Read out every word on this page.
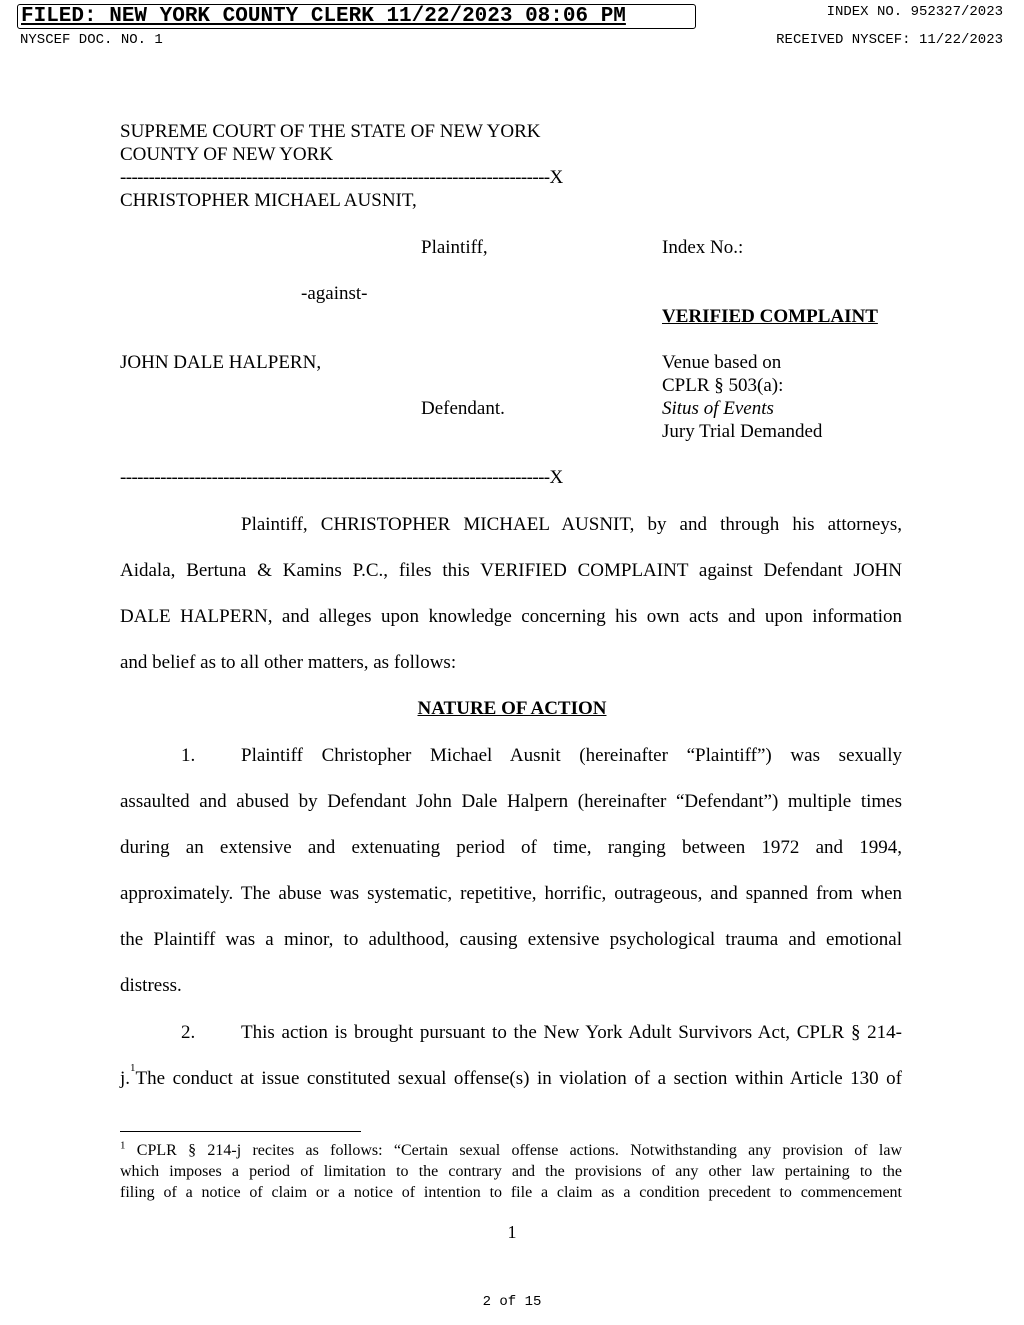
FILED: NEW YORK COUNTY CLERK 11/22/2023 08:06 PM	INDEX NO. 952327/2023
NYSCEF DOC. NO. 1	RECEIVED NYSCEF: 11/22/2023
SUPREME COURT OF THE STATE OF NEW YORK
COUNTY OF NEW YORK
---------------------------------------------------------------------------X
CHRISTOPHER MICHAEL AUSNIT,
Plaintiff,	Index No.:
-against-
VERIFIED COMPLAINT
JOHN DALE HALPERN,	Venue based on
CPLR § 503(a):
Defendant.	Situs of Events
Jury Trial Demanded
---------------------------------------------------------------------------X
Plaintiff, CHRISTOPHER MICHAEL AUSNIT, by and through his attorneys,
Aidala, Bertuna & Kamins P.C., files this VERIFIED COMPLAINT against Defendant JOHN
DALE HALPERN, and alleges upon knowledge concerning his own acts and upon information
and belief as to all other matters, as follows:
NATURE OF ACTION
1. Plaintiff Christopher Michael Ausnit (hereinafter “Plaintiff”) was sexually
assaulted and abused by Defendant John Dale Halpern (hereinafter “Defendant”) multiple times
during an extensive and extenuating period of time, ranging between 1972 and 1994,
approximately. The abuse was systematic, repetitive, horrific, outrageous, and spanned from when
the Plaintiff was a minor, to adulthood, causing extensive psychological trauma and emotional
distress.
2. This action is brought pursuant to the New York Adult Survivors Act, CPLR § 214-
j. 1 The conduct at issue constituted sexual offense(s) in violation of a section within Article 130 of
$^1$ CPLR § 214-j recites as follows: “Certain sexual offense actions. Notwithstanding any provision of law
which imposes a period of limitation to the contrary and the provisions of any other law pertaining to the
filing of a notice of claim or a notice of intention to file a claim as a condition precedent to commencement
1
2 of 15
